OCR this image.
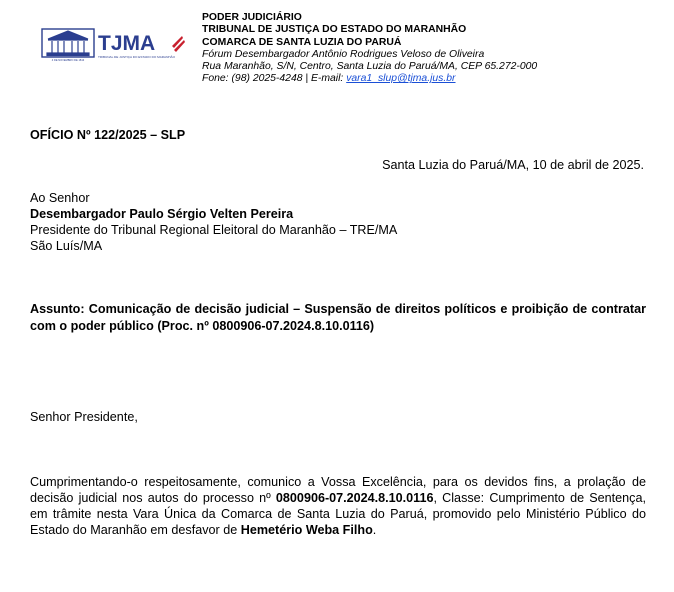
4 DE NOVEMBRO DE 1813
TJMA
TRIBUNAL DE JUSTIÇA DO ESTADO DO MARANHÃO
PODER JUDICIÁRIO
TRIBUNAL DE JUSTIÇA DO ESTADO DO MARANHÃO
COMARCA DE SANTA LUZIA DO PARUÁ
Fórum Desembargador Antônio Rodrigues Veloso de Oliveira
Rua Maranhão, S/N, Centro, Santa Luzia do Paruá/MA, CEP 65.272-000
Fone: (98) 2025-4248 | E-mail: vara1_slup@tjma.jus.br
OFÍCIO Nº 122/2025 – SLP
Santa Luzia do Paruá/MA, 10 de abril de 2025.
Ao Senhor
Desembargador Paulo Sérgio Velten Pereira
Presidente do Tribunal Regional Eleitoral do Maranhão – TRE/MA
São Luís/MA
Assunto: Comunicação de decisão judicial – Suspensão de direitos políticos e proibição de contratar com o poder público (Proc. nº 0800906-07.2024.8.10.0116)
Senhor Presidente,
Cumprimentando-o respeitosamente, comunico a Vossa Excelência, para os devidos fins, a prolação de decisão judicial nos autos do processo nº 0800906-07.2024.8.10.0116, Classe: Cumprimento de Sentença, em trâmite nesta Vara Única da Comarca de Santa Luzia do Paruá, promovido pelo Ministério Público do Estado do Maranhão em desfavor de Hemetério Weba Filho.
